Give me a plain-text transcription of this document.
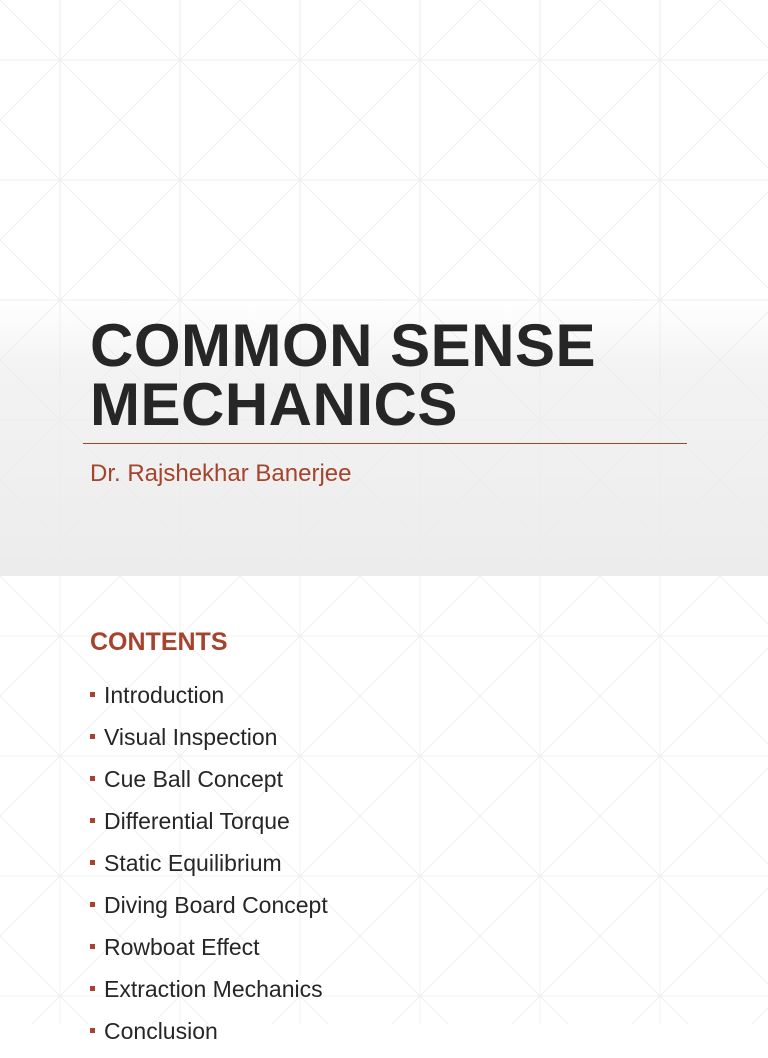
COMMON SENSE
MECHANICS

Dr. Rajshekhar Banerjee

CONTENTS
Introduction
Visual Inspection
Cue Ball Concept
Differential Torque
Static Equilibrium
Diving Board Concept
Rowboat Effect
Extraction Mechanics
Conclusion
